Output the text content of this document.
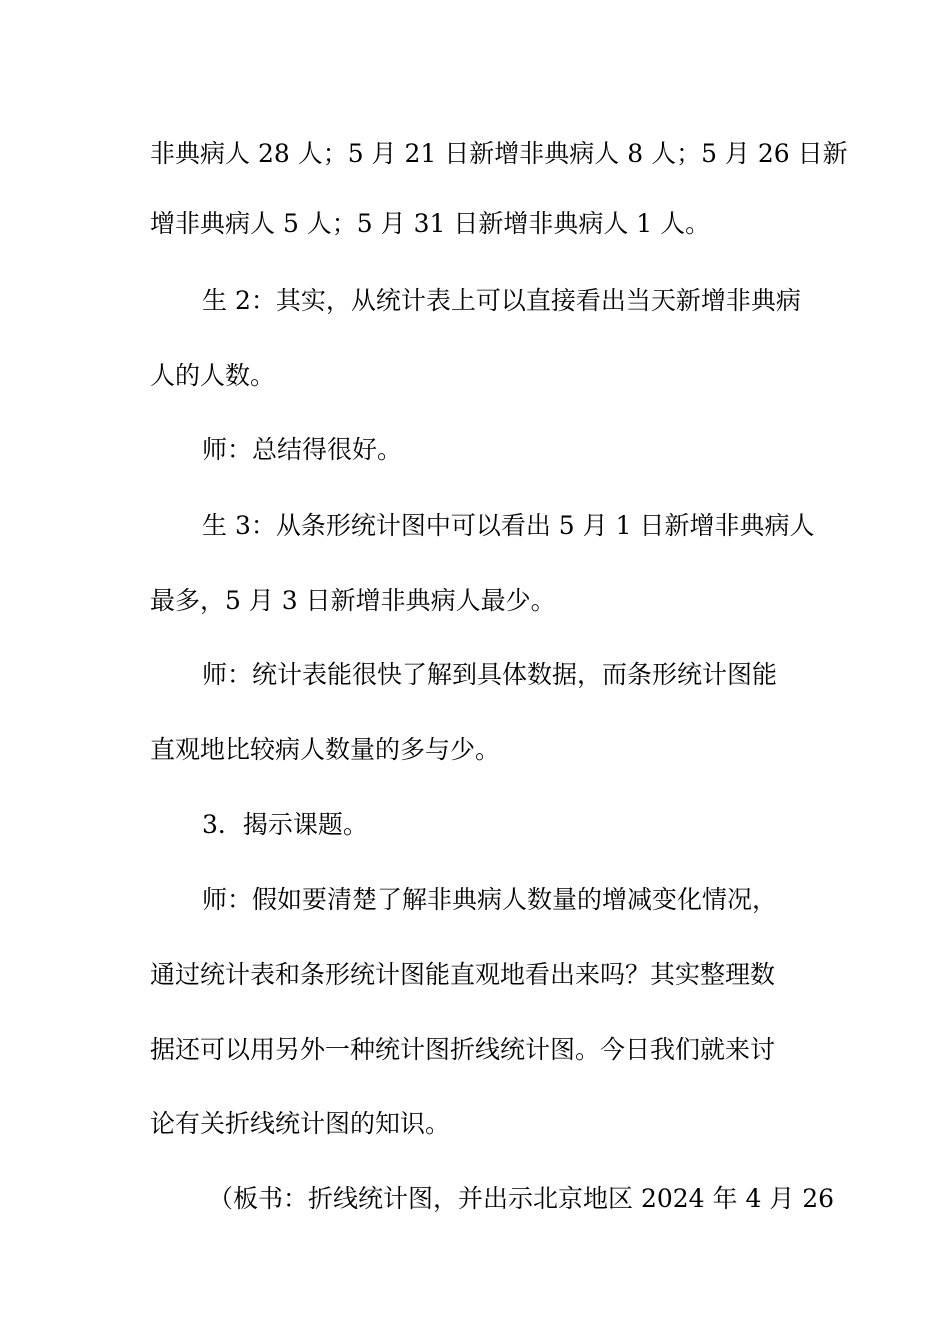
非典病人 28 人；5 月 21 日新增非典病人 8 人；5 月 26 日新
增非典病人 5 人；5 月 31 日新增非典病人 1 人。
生 2：其实，从统计表上可以直接看出当天新增非典病
人的人数。
师：总结得很好。
生 3：从条形统计图中可以看出 5 月 1 日新增非典病人
最多，5 月 3 日新增非典病人最少。
师：统计表能很快了解到具体数据，而条形统计图能
直观地比较病人数量的多与少。
3．揭示课题。
师：假如要清楚了解非典病人数量的增减变化情况，
通过统计表和条形统计图能直观地看出来吗？其实整理数
据还可以用另外一种统计图折线统计图。今日我们就来讨
论有关折线统计图的知识。
（板书：折线统计图，并出示北京地区 2024 年 4 月 26
